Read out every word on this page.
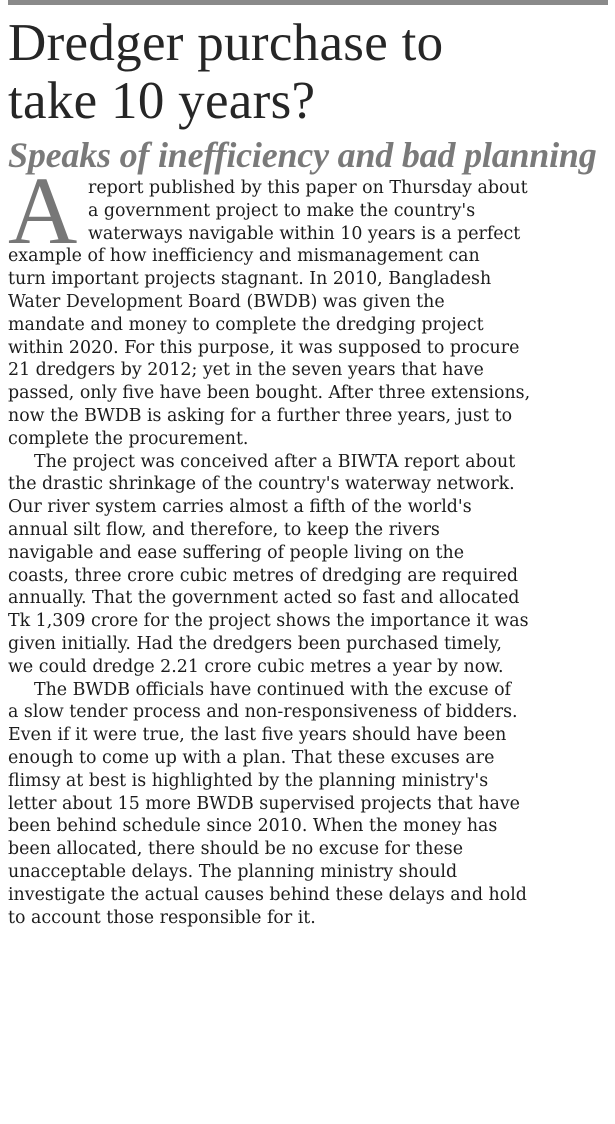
Dredger purchase to
take 10 years?
Speaks of inefficiency and bad planning

A report published by this paper on Thursday about
a government project to make the country's
waterways navigable within 10 years is a perfect
example of how inefficiency and mismanagement can
turn important projects stagnant. In 2010, Bangladesh
Water Development Board (BWDB) was given the
mandate and money to complete the dredging project
within 2020. For this purpose, it was supposed to procure
21 dredgers by 2012; yet in the seven years that have
passed, only five have been bought. After three extensions,
now the BWDB is asking for a further three years, just to
complete the procurement.

The project was conceived after a BIWTA report about
the drastic shrinkage of the country's waterway network.
Our river system carries almost a fifth of the world's
annual silt flow, and therefore, to keep the rivers
navigable and ease suffering of people living on the
coasts, three crore cubic metres of dredging are required
annually. That the government acted so fast and allocated
Tk 1,309 crore for the project shows the importance it was
given initially. Had the dredgers been purchased timely,
we could dredge 2.21 crore cubic metres a year by now.

The BWDB officials have continued with the excuse of
a slow tender process and non-responsiveness of bidders.
Even if it were true, the last five years should have been
enough to come up with a plan. That these excuses are
flimsy at best is highlighted by the planning ministry's
letter about 15 more BWDB supervised projects that have
been behind schedule since 2010. When the money has
been allocated, there should be no excuse for these
unacceptable delays. The planning ministry should
investigate the actual causes behind these delays and hold
to account those responsible for it.
